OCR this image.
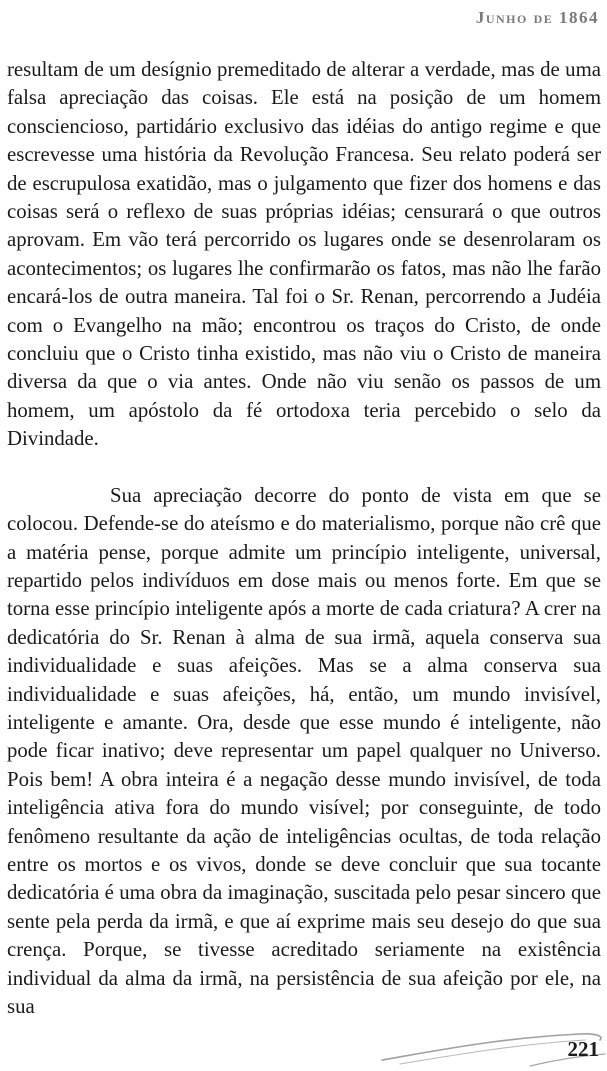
Junho de 1864

resultam de um desígnio premeditado de alterar a verdade, mas de uma falsa apreciação das coisas. Ele está na posição de um homem consciencioso, partidário exclusivo das idéias do antigo regime e que escrevesse uma história da Revolução Francesa. Seu relato poderá ser de escrupulosa exatidão, mas o julgamento que fizer dos homens e das coisas será o reflexo de suas próprias idéias; censurará o que outros aprovam. Em vão terá percorrido os lugares onde se desenrolaram os acontecimentos; os lugares lhe confirmarão os fatos, mas não lhe farão encará-los de outra maneira. Tal foi o Sr. Renan, percorrendo a Judéia com o Evangelho na mão; encontrou os traços do Cristo, de onde concluiu que o Cristo tinha existido, mas não viu o Cristo de maneira diversa da que o via antes. Onde não viu senão os passos de um homem, um apóstolo da fé ortodoxa teria percebido o selo da Divindade.

Sua apreciação decorre do ponto de vista em que se colocou. Defende-se do ateísmo e do materialismo, porque não crê que a matéria pense, porque admite um princípio inteligente, universal, repartido pelos indivíduos em dose mais ou menos forte. Em que se torna esse princípio inteligente após a morte de cada criatura? A crer na dedicatória do Sr. Renan à alma de sua irmã, aquela conserva sua individualidade e suas afeições. Mas se a alma conserva sua individualidade e suas afeições, há, então, um mundo invisível, inteligente e amante. Ora, desde que esse mundo é inteligente, não pode ficar inativo; deve representar um papel qualquer no Universo. Pois bem! A obra inteira é a negação desse mundo invisível, de toda inteligência ativa fora do mundo visível; por conseguinte, de todo fenômeno resultante da ação de inteligências ocultas, de toda relação entre os mortos e os vivos, donde se deve concluir que sua tocante dedicatória é uma obra da imaginação, suscitada pelo pesar sincero que sente pela perda da irmã, e que aí exprime mais seu desejo do que sua crença. Porque, se tivesse acreditado seriamente na existência individual da alma da irmã, na persistência de sua afeição por ele, na sua

221
